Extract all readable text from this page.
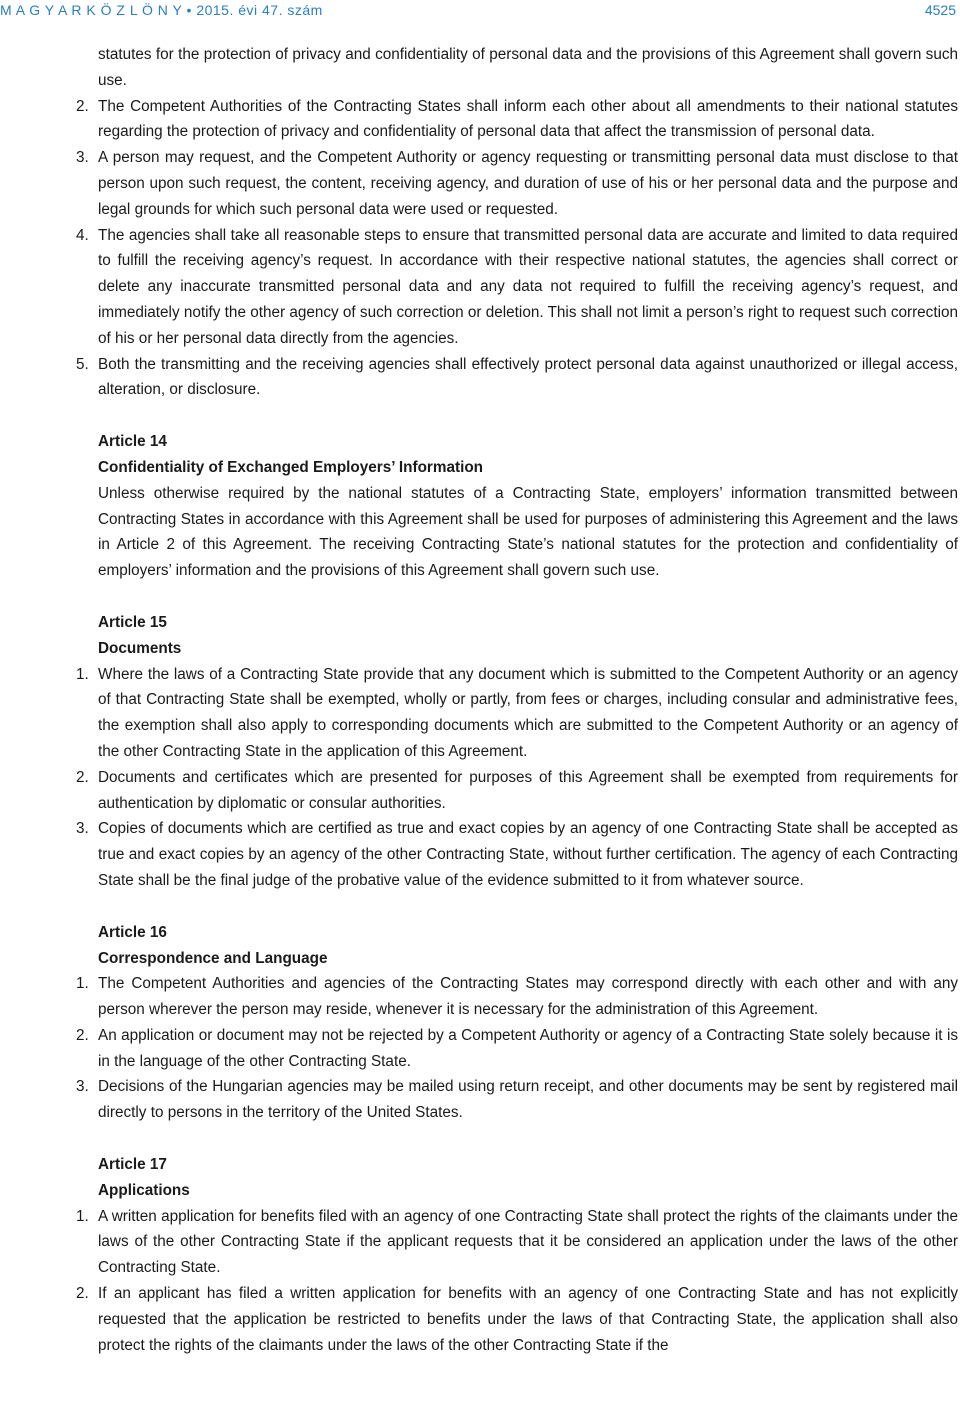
M A G Y A R K Ö Z L Ö N Y • 2015. évi 47. szám	4525

statutes for the protection of privacy and confidentiality of personal data and the provisions of this Agreement shall govern such use.

2. The Competent Authorities of the Contracting States shall inform each other about all amendments to their national statutes regarding the protection of privacy and confidentiality of personal data that affect the transmission of personal data.
3. A person may request, and the Competent Authority or agency requesting or transmitting personal data must disclose to that person upon such request, the content, receiving agency, and duration of use of his or her personal data and the purpose and legal grounds for which such personal data were used or requested.
4. The agencies shall take all reasonable steps to ensure that transmitted personal data are accurate and limited to data required to fulfill the receiving agency’s request. In accordance with their respective national statutes, the agencies shall correct or delete any inaccurate transmitted personal data and any data not required to fulfill the receiving agency’s request, and immediately notify the other agency of such correction or deletion. This shall not limit a person’s right to request such correction of his or her personal data directly from the agencies.
5. Both the transmitting and the receiving agencies shall effectively protect personal data against unauthorized or illegal access, alteration, or disclosure.
Article 14
Confidentiality of Exchanged Employers’ Information

Unless otherwise required by the national statutes of a Contracting State, employers’ information transmitted between Contracting States in accordance with this Agreement shall be used for purposes of administering this Agreement and the laws in Article 2 of this Agreement. The receiving Contracting State’s national statutes for the protection and confidentiality of employers’ information and the provisions of this Agreement shall govern such use.

Article 15
Documents
1. Where the laws of a Contracting State provide that any document which is submitted to the Competent Authority or an agency of that Contracting State shall be exempted, wholly or partly, from fees or charges, including consular and administrative fees, the exemption shall also apply to corresponding documents which are submitted to the Competent Authority or an agency of the other Contracting State in the application of this Agreement.
2. Documents and certificates which are presented for purposes of this Agreement shall be exempted from requirements for authentication by diplomatic or consular authorities.
3. Copies of documents which are certified as true and exact copies by an agency of one Contracting State shall be accepted as true and exact copies by an agency of the other Contracting State, without further certification. The agency of each Contracting State shall be the final judge of the probative value of the evidence submitted to it from whatever source.
Article 16
Correspondence and Language
1. The Competent Authorities and agencies of the Contracting States may correspond directly with each other and with any person wherever the person may reside, whenever it is necessary for the administration of this Agreement.
2. An application or document may not be rejected by a Competent Authority or agency of a Contracting State solely because it is in the language of the other Contracting State.
3. Decisions of the Hungarian agencies may be mailed using return receipt, and other documents may be sent by registered mail directly to persons in the territory of the United States.
Article 17
Applications
1. A written application for benefits filed with an agency of one Contracting State shall protect the rights of the claimants under the laws of the other Contracting State if the applicant requests that it be considered an application under the laws of the other Contracting State.
2. If an applicant has filed a written application for benefits with an agency of one Contracting State and has not explicitly requested that the application be restricted to benefits under the laws of that Contracting State, the application shall also protect the rights of the claimants under the laws of the other Contracting State if the
